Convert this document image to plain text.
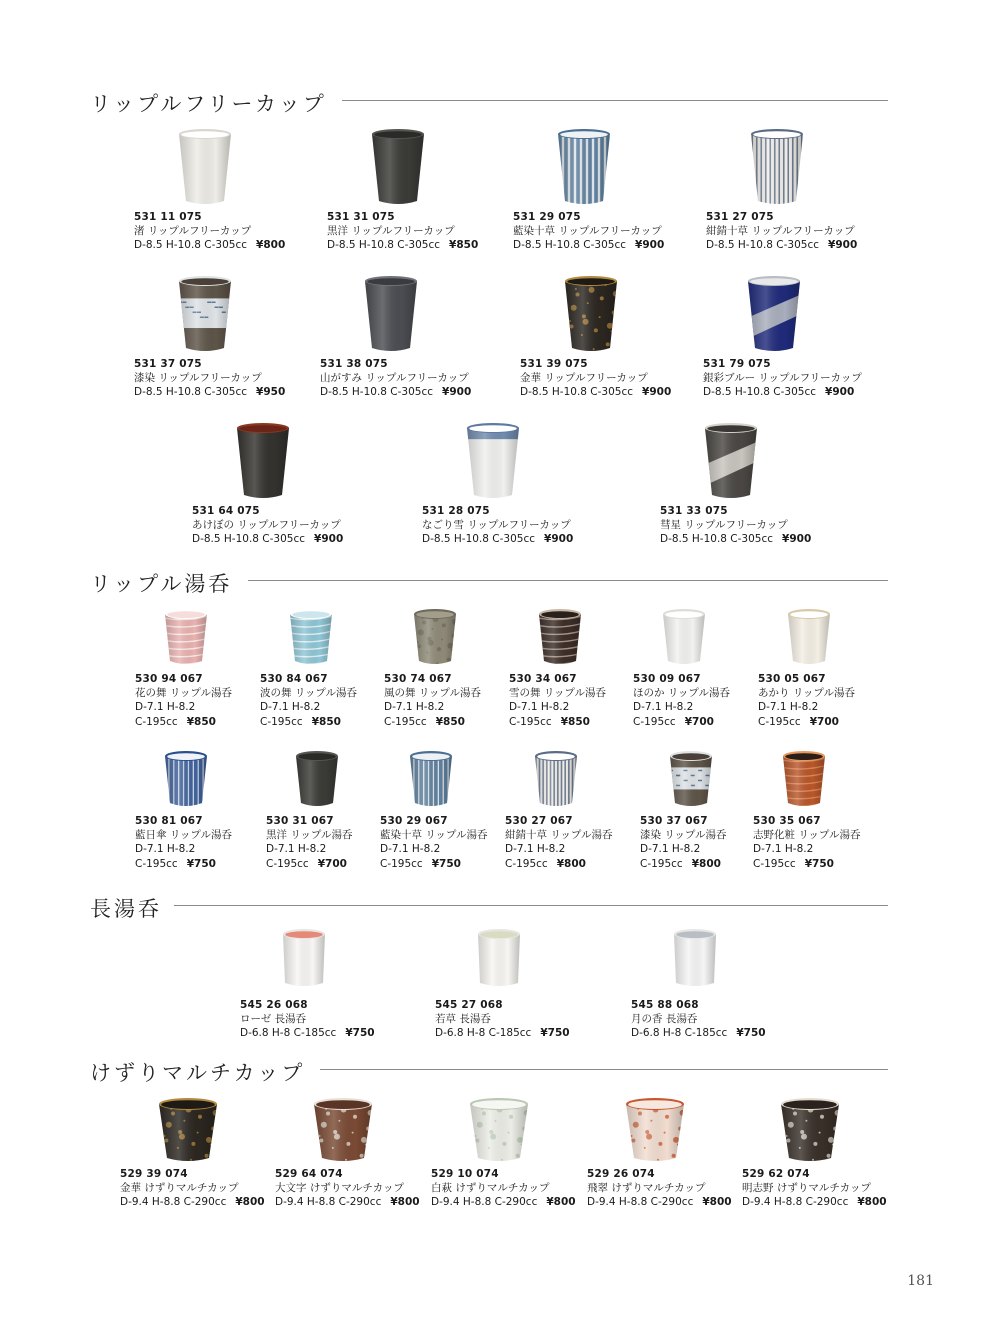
リップルフリーカップ
531 11 075
渚 リップルフリーカップ
D-8.5 H-10.8 C-305cc ¥800
531 31 075
黒洋 リップルフリーカップ
D-8.5 H-10.8 C-305cc ¥850
531 29 075
藍染十草 リップルフリーカップ
D-8.5 H-10.8 C-305cc ¥900
531 27 075
紺錆十草 リップルフリーカップ
D-8.5 H-10.8 C-305cc ¥900
531 37 075
漆染 リップルフリーカップ
D-8.5 H-10.8 C-305cc ¥950
531 38 075
山がすみ リップルフリーカップ
D-8.5 H-10.8 C-305cc ¥900
531 39 075
金華 リップルフリーカップ
D-8.5 H-10.8 C-305cc ¥900
531 79 075
銀彩ブルー リップルフリーカップ
D-8.5 H-10.8 C-305cc ¥900
531 64 075
あけぼの リップルフリーカップ
D-8.5 H-10.8 C-305cc ¥900
531 28 075
なごり雪 リップルフリーカップ
D-8.5 H-10.8 C-305cc ¥900
531 33 075
彗星 リップルフリーカップ
D-8.5 H-10.8 C-305cc ¥900
リップル湯呑
530 94 067
花の舞 リップル湯呑
D-7.1 H-8.2
C-195cc ¥850
530 84 067
波の舞 リップル湯呑
D-7.1 H-8.2
C-195cc ¥850
530 74 067
風の舞 リップル湯呑
D-7.1 H-8.2
C-195cc ¥850
530 34 067
雪の舞 リップル湯呑
D-7.1 H-8.2
C-195cc ¥850
530 09 067
ほのか リップル湯呑
D-7.1 H-8.2
C-195cc ¥700
530 05 067
あかり リップル湯呑
D-7.1 H-8.2
C-195cc ¥700
530 81 067
藍日傘 リップル湯呑
D-7.1 H-8.2
C-195cc ¥750
530 31 067
黒洋 リップル湯呑
D-7.1 H-8.2
C-195cc ¥700
530 29 067
藍染十草 リップル湯呑
D-7.1 H-8.2
C-195cc ¥750
530 27 067
紺錆十草 リップル湯呑
D-7.1 H-8.2
C-195cc ¥800
530 37 067
漆染 リップル湯呑
D-7.1 H-8.2
C-195cc ¥800
530 35 067
志野化粧 リップル湯呑
D-7.1 H-8.2
C-195cc ¥750
長湯呑
545 26 068
ローゼ 長湯呑
D-6.8 H-8 C-185cc ¥750
545 27 068
若草 長湯呑
D-6.8 H-8 C-185cc ¥750
545 88 068
月の香 長湯呑
D-6.8 H-8 C-185cc ¥750
けずりマルチカップ
529 39 074
金華 けずりマルチカップ
D-9.4 H-8.8 C-290cc ¥800
529 64 074
大文字 けずりマルチカップ
D-9.4 H-8.8 C-290cc ¥800
529 10 074
白萩 けずりマルチカップ
D-9.4 H-8.8 C-290cc ¥800
529 26 074
飛翠 けずりマルチカップ
D-9.4 H-8.8 C-290cc ¥800
529 62 074
明志野 けずりマルチカップ
D-9.4 H-8.8 C-290cc ¥800
181
